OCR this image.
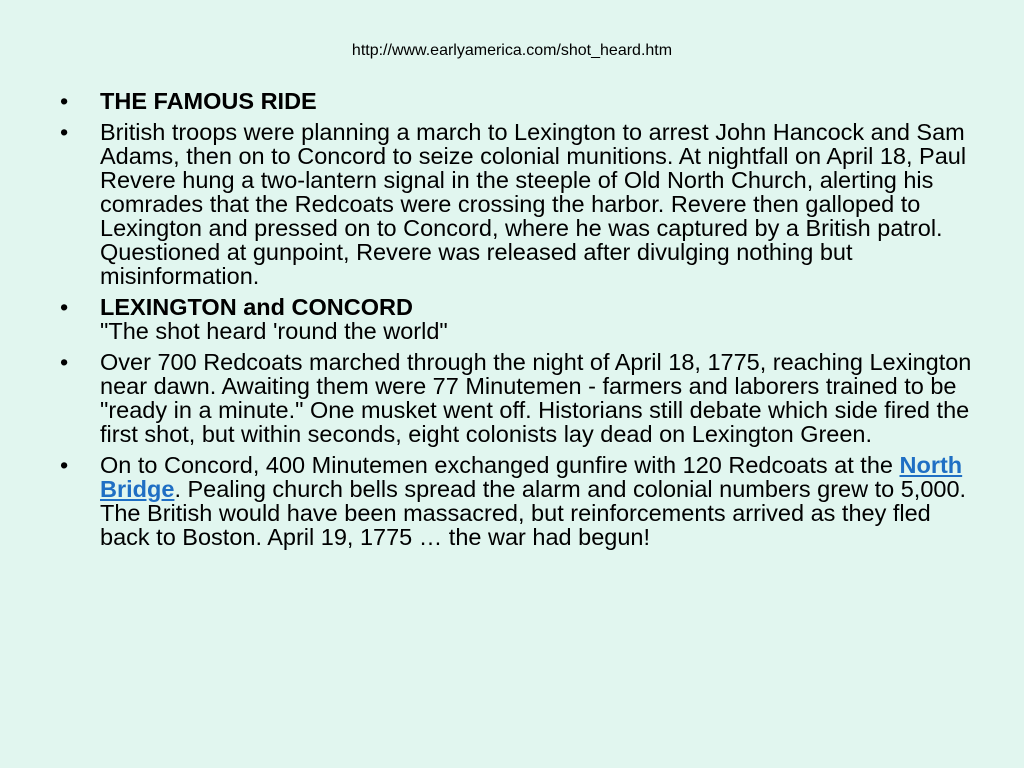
http://www.earlyamerica.com/shot_heard.htm
• THE FAMOUS RIDE
• British troops were planning a march to Lexington to arrest John Hancock and Sam Adams, then on to Concord to seize colonial munitions. At nightfall on April 18, Paul Revere hung a two-lantern signal in the steeple of Old North Church, alerting his comrades that the Redcoats were crossing the harbor. Revere then galloped to Lexington and pressed on to Concord, where he was captured by a British patrol. Questioned at gunpoint, Revere was released after divulging nothing but misinformation.
• LEXINGTON and CONCORD
"The shot heard 'round the world"
• Over 700 Redcoats marched through the night of April 18, 1775, reaching Lexington near dawn. Awaiting them were 77 Minutemen - farmers and laborers trained to be "ready in a minute." One musket went off. Historians still debate which side fired the first shot, but within seconds, eight colonists lay dead on Lexington Green.
• On to Concord, 400 Minutemen exchanged gunfire with 120 Redcoats at the North Bridge. Pealing church bells spread the alarm and colonial numbers grew to 5,000. The British would have been massacred, but reinforcements arrived as they fled back to Boston. April 19, 1775 … the war had begun!
